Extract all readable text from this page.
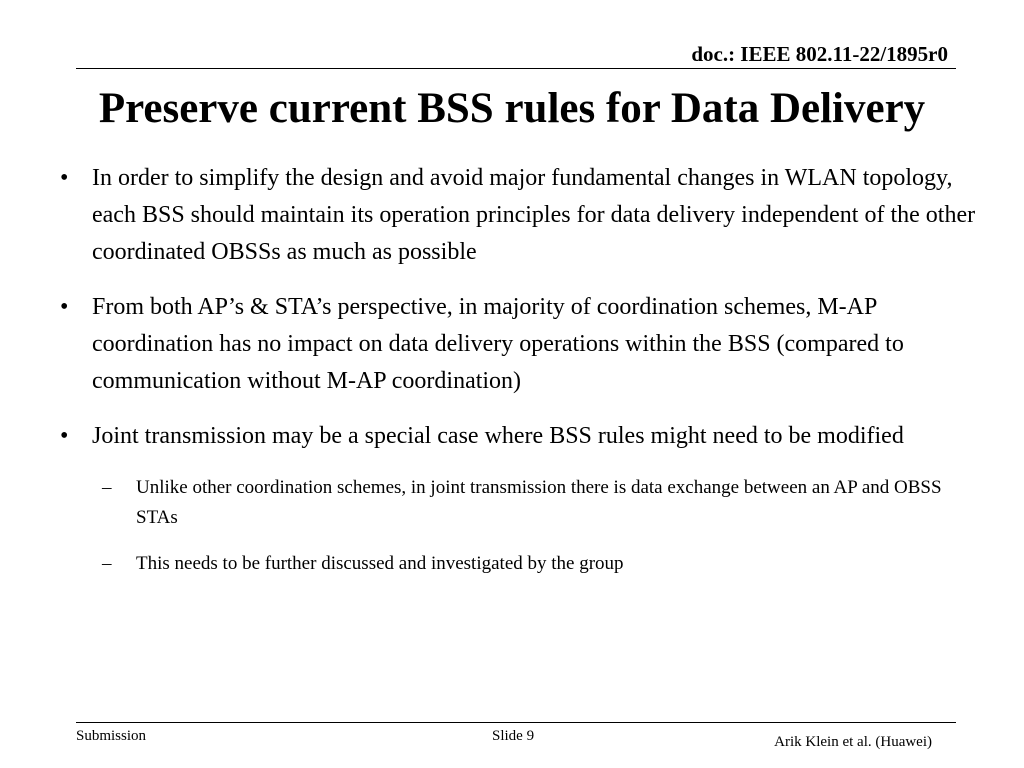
doc.: IEEE 802.11-22/1895r0
Preserve current BSS rules for Data Delivery
• In order to simplify the design and avoid major fundamental changes in WLAN topology, each BSS should maintain its operation principles for data delivery independent of the other coordinated OBSSs as much as possible
• From both AP’s & STA’s perspective, in majority of coordination schemes, M-AP coordination has no impact on data delivery operations within the BSS (compared to communication without M-AP coordination)
• Joint transmission may be a special case where BSS rules might need to be modified
–	Unlike other coordination schemes, in joint transmission there is data exchange between an AP and OBSS STAs
–	This needs to be further discussed and investigated by the group
Submission	Slide 9	Arik Klein et al. (Huawei)
